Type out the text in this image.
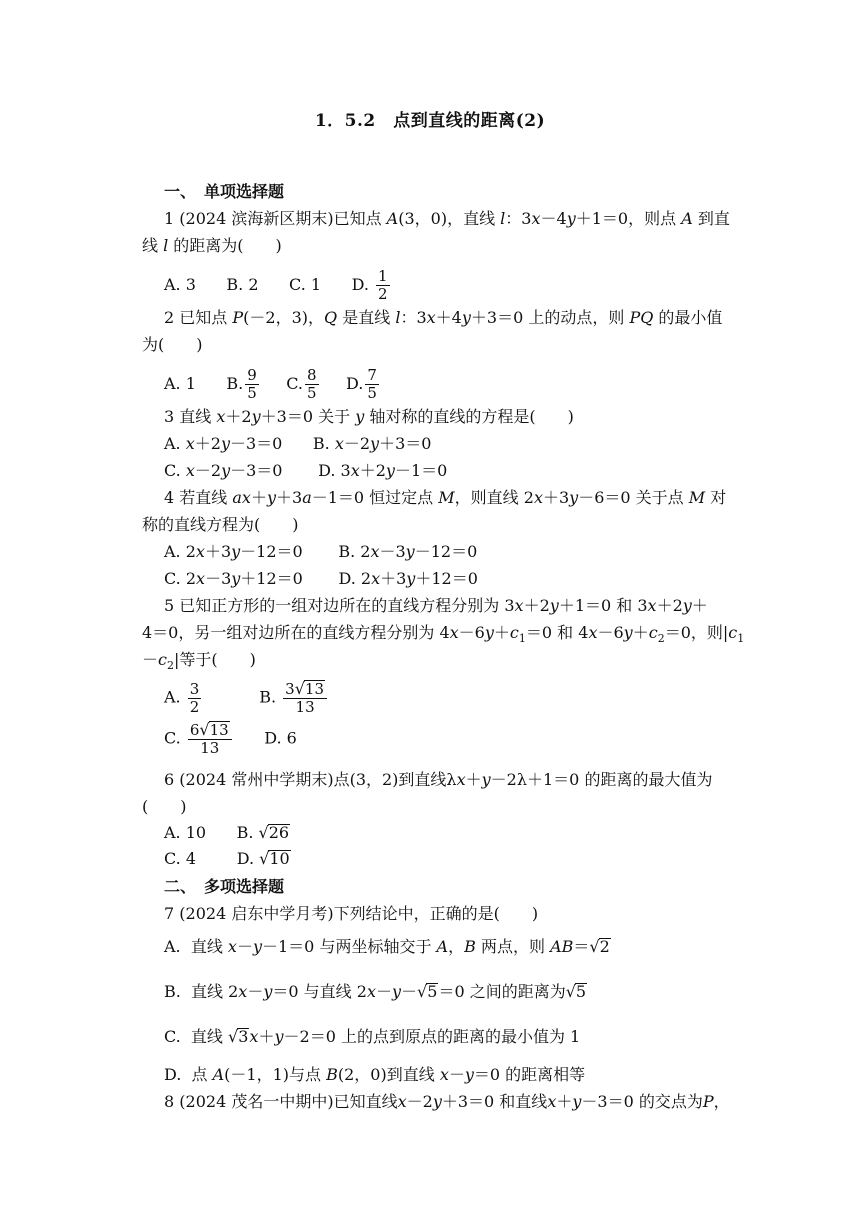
1．5.2　点到直线的距离(2)
一、　单项选择题
1 (2024 滨海新区期末)已知点 A(3，0)，直线 l：3x－4y＋1＝0，则点 A 到直
线 l 的距离为(　　)
A. 3 B. 2 C. 1 D. $\frac{1}{2}$
2 已知点 P(－2，3)，Q 是直线 l：3x＋4y＋3＝0 上的动点，则 PQ 的最小值
为(　　)
A. 1 B. $\frac{9}{5} C$. $\frac{8}{5} D$. $\frac{7}{5}$
3 直线 x＋2y＋3＝0 关于 y 轴对称的直线的方程是(　　)
A. x＋2y－3＝0      B. x－2y＋3＝0
C. x－2y－3＝0       D. 3x＋2y－1＝0
4 若直线 ax＋y＋3a－1＝0 恒过定点 M，则直线 2x＋3y－6＝0 关于点 M 对
称的直线方程为(　　)
A. 2x＋3y－12＝0       B. 2x－3y－12＝0
C. 2x－3y＋12＝0       D. 2x＋3y＋12＝0
5 已知正方形的一组对边所在的直线方程分别为 3x＋2y＋1＝0 和 3x＋2y＋
4＝0，另一组对边所在的直线方程分别为 $4x-6y+c_1=0$ 和 $4x-6y+c_2=0$，则$|c_1$
$-c_2|$等于(　　)
A. $\frac{3}{2} B$. $\frac{3√13}{13}$
C. $\frac{6√13}{13} D$. 6
6 (2024 常州中学期末)点(3，2)到直线λx＋y－2λ＋1＝0 的距离的最大值为
(　　)
A. 10      B. √26
C. 4        D. √10
二、　多项选择题
7 (2024 启东中学月考)下列结论中，正确的是(　　)
A.  直线 x－y－1＝0 与两坐标轴交于 A，B 两点，则 AB＝√2
B.  直线 2x－y＝0 与直线 2x－y－√5＝0 之间的距离为√5
C.  直线 √3x＋y－2＝0 上的点到原点的距离的最小值为 1
D.  点 A(－1，1)与点 B(2，0)到直线 x－y＝0 的距离相等
8 (2024 茂名一中期中)已知直线x－2y＋3＝0 和直线x＋y－3＝0 的交点为P，
